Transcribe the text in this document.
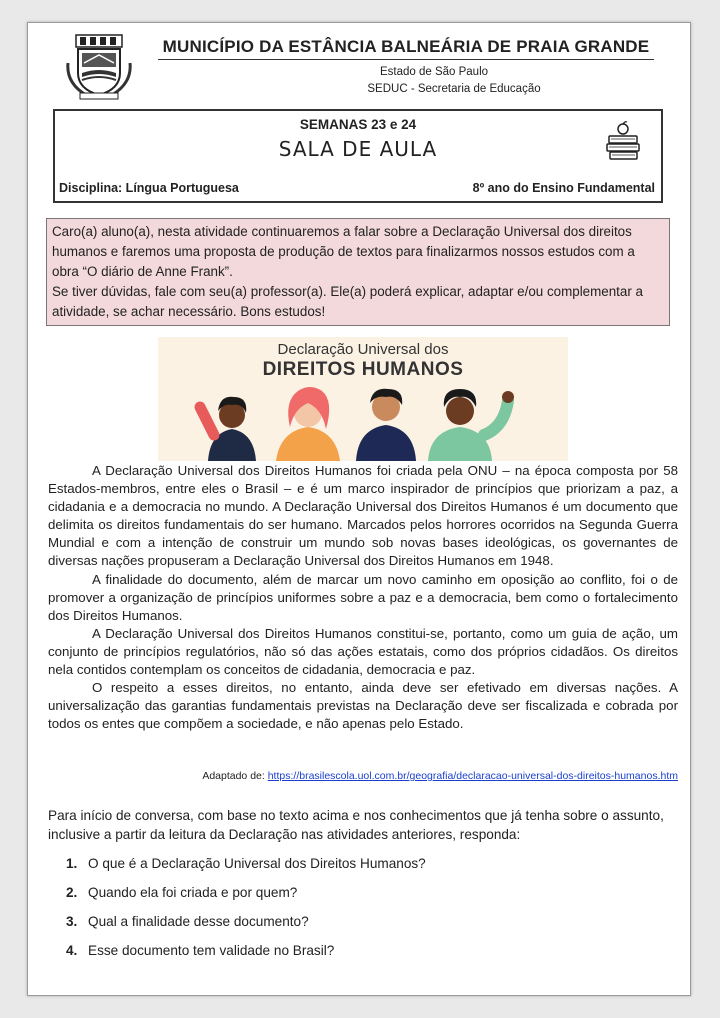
MUNICÍPIO DA ESTÂNCIA BALNEÁRIA DE PRAIA GRANDE
Estado de São Paulo
SEDUC - Secretaria de Educação
SEMANAS 23 e 24
SALA DE AULA
Disciplina: Língua Portuguesa	8º ano do Ensino Fundamental
Caro(a) aluno(a), nesta atividade continuaremos a falar sobre a Declaração Universal dos direitos humanos e faremos uma proposta de produção de textos para finalizarmos nossos estudos com a obra “O diário de Anne Frank”.
Se tiver dúvidas, fale com seu(a) professor(a). Ele(a) poderá explicar, adaptar e/ou complementar a atividade, se achar necessário. Bons estudos!
Declaração Universal dos
DIREITOS HUMANOS

A Declaração Universal dos Direitos Humanos foi criada pela ONU – na época composta por 58 Estados-membros, entre eles o Brasil – e é um marco inspirador de princípios que priorizam a paz, a cidadania e a democracia no mundo. A Declaração Universal dos Direitos Humanos é um documento que delimita os direitos fundamentais do ser humano. Marcados pelos horrores ocorridos na Segunda Guerra Mundial e com a intenção de construir um mundo sob novas bases ideológicas, os governantes de diversas nações propuseram a Declaração Universal dos Direitos Humanos em 1948.

A finalidade do documento, além de marcar um novo caminho em oposição ao conflito, foi o de promover a organização de princípios uniformes sobre a paz e a democracia, bem como o fortalecimento dos Direitos Humanos.

A Declaração Universal dos Direitos Humanos constitui-se, portanto, como um guia de ação, um conjunto de princípios regulatórios, não só das ações estatais, como dos próprios cidadãos. Os direitos nela contidos contemplam os conceitos de cidadania, democracia e paz.

O respeito a esses direitos, no entanto, ainda deve ser efetivado em diversas nações. A universalização das garantias fundamentais previstas na Declaração deve ser fiscalizada e cobrada por todos os entes que compõem a sociedade, e não apenas pelo Estado.

Adaptado de: https://brasilescola.uol.com.br/geografia/declaracao-universal-dos-direitos-humanos.htm
Para início de conversa, com base no texto acima e nos conhecimentos que já tenha sobre o assunto, inclusive a partir da leitura da Declaração nas atividades anteriores, responda:
1. O que é a Declaração Universal dos Direitos Humanos?
2. Quando ela foi criada e por quem?
3. Qual a finalidade desse documento?
4. Esse documento tem validade no Brasil?
